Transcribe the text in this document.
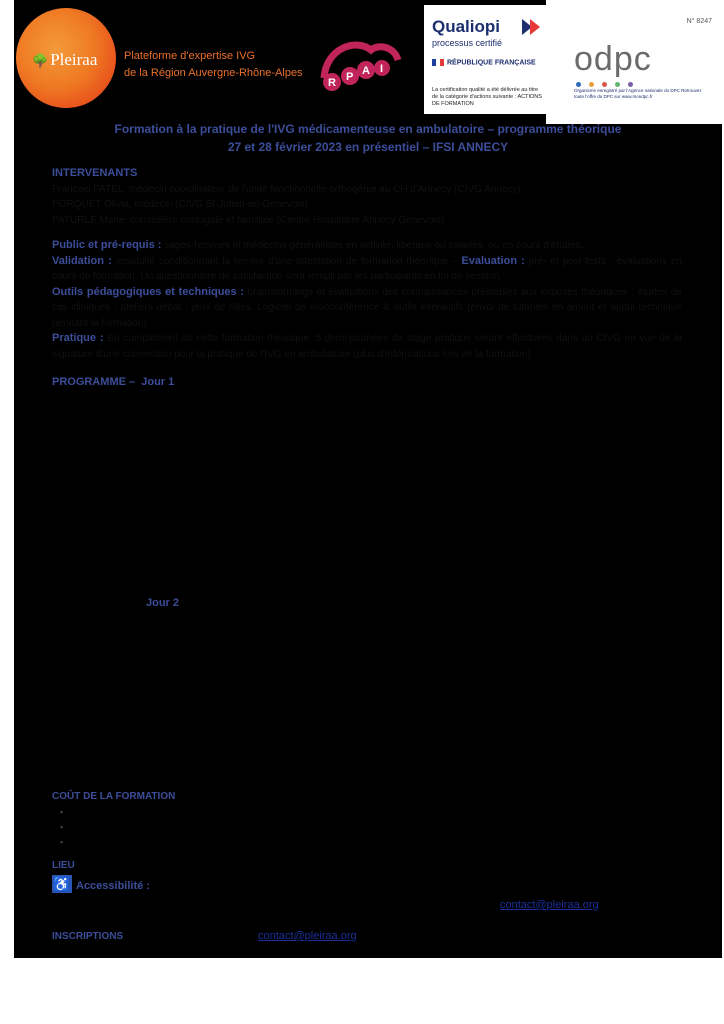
🌳 Pleiraa Plateforme d'expertise IVG
de la Région Auvergne-Rhône-Alpes
R P A I
Qualiopi
processus certifié
RÉPUBLIQUE FRANÇAISE
La certification qualité a été délivrée au titre de la catégorie d'actions suivante : ACTIONS DE FORMATION
N° 8247
odpc
Organisme enregistré par l'Agence nationale du DPC Retrouvez toute l'offre du DPC sur www.mondpc.fr
Formation à la pratique de l'IVG médicamenteuse en ambulatoire – programme théorique
27 et 28 février 2023 en présentiel – IFSI ANNECY
INTERVENANTS
François PATEL, médecin coordinateur de l'unité fonctionnelle orthogénie au CH d'Annecy (CIVG Annecy)
PORQUET Olivia, médecin (CIVG St-Julien-en-Genevois)
PATURLE Marie, conseillère conjugale et familiale (Centre Hospitalier Annecy Genevois)
Public et pré-requis : sages-femmes et médecins généralistes en activité, libéraux ou salariés, ou en cours d'études.
Validation : assiduité conditionnant la remise d'une attestation de formation théorique – Evaluation : pré- et post-tests ; évaluations en cours de formation. Un questionnaire de satisfaction sera rempli par les participants en fin de session.
Outils pédagogiques et techniques : brainstormings et évaluations des connaissances préalables aux exposés théoriques ; études de cas cliniques ; ateliers débat ; jeux de rôles. Logiciel de visioconférence & outils interactifs (envoi de tutoriels en amont et appui technique pendant la formation).
Pratique : En complément de cette formation théorique, 5 demi-journées de stage pratique seront effectuées dans un CIVG en vue de la signature d'une convention pour la pratique de l'IVG en ambulatoire (plus d'informations lors de la formation).
PROGRAMME – Jour 1
Jour 2
COÛT DE LA FORMATION
▪
▪
▪
LIEU
♿ Accessibilité :
contact@pleiraa.org
INSCRIPTIONS	contact@pleiraa.org
